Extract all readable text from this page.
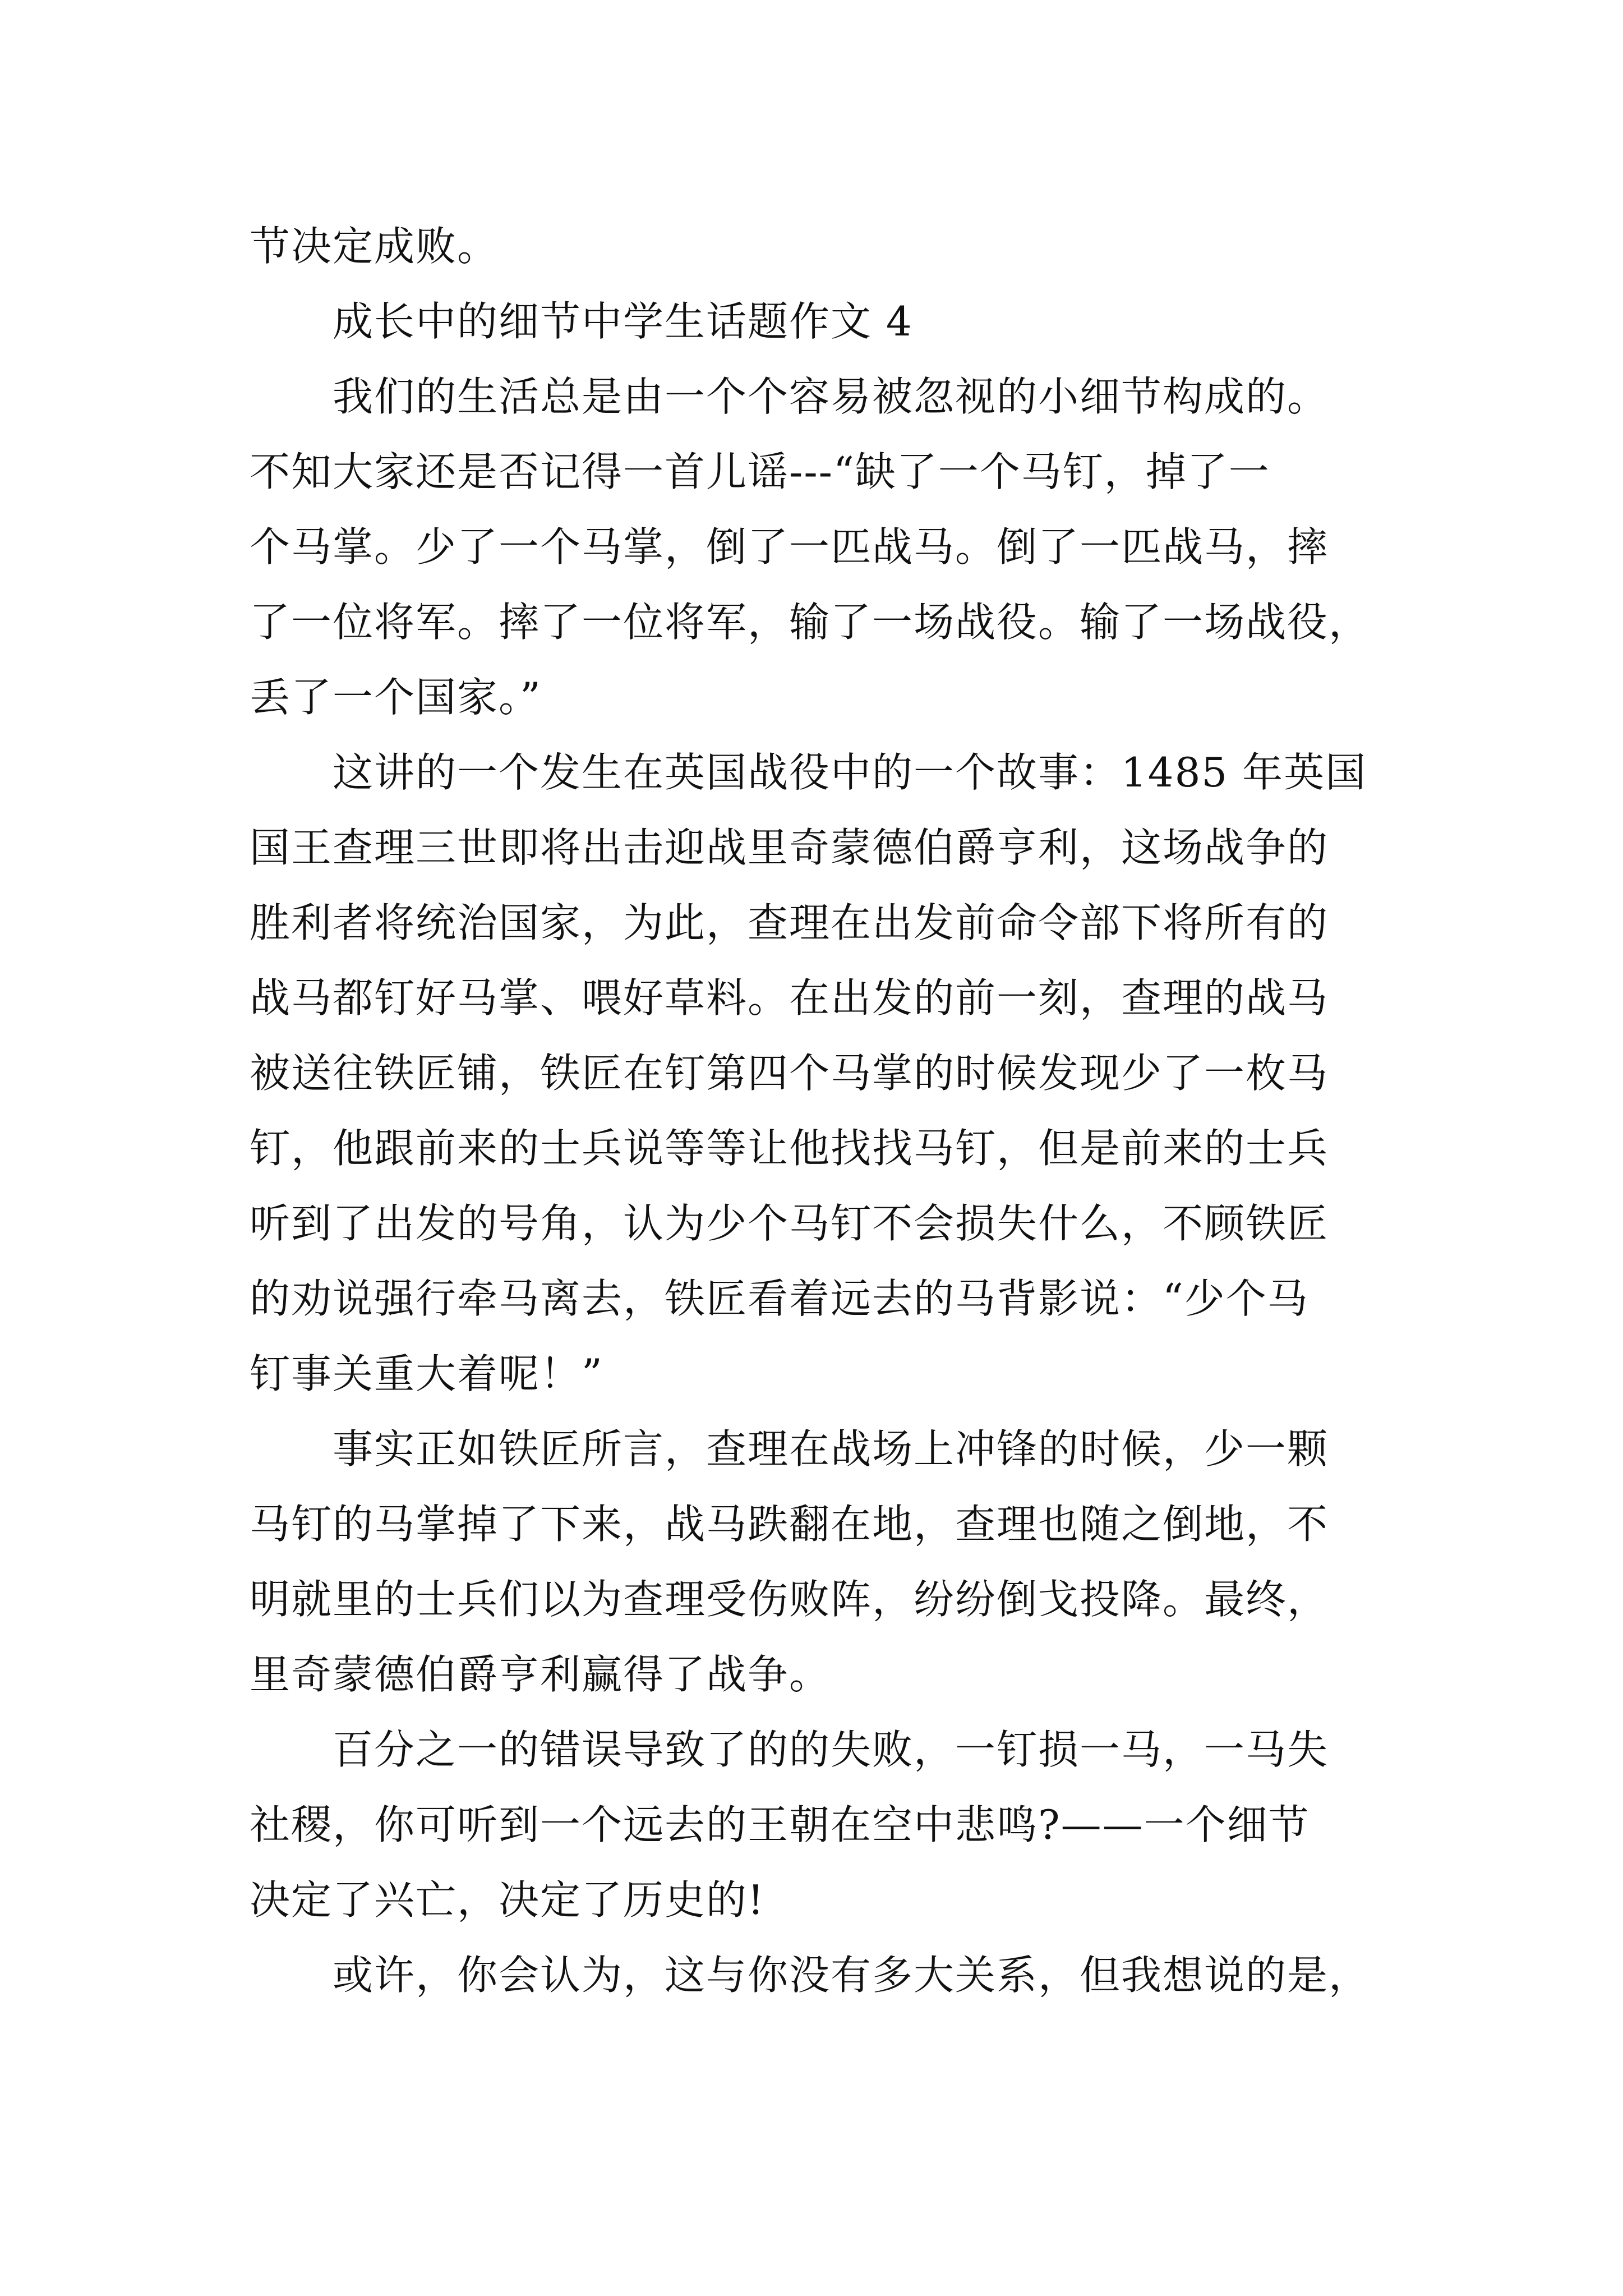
节决定成败。
　　成长中的细节中学生话题作文 4
　　我们的生活总是由一个个容易被忽视的小细节构成的。
不知大家还是否记得一首儿谣---“缺了一个马钉，掉了一
个马掌。少了一个马掌，倒了一匹战马。倒了一匹战马，摔
了一位将军。摔了一位将军，输了一场战役。输了一场战役，
丢了一个国家。”
　　这讲的一个发生在英国战役中的一个故事：1485 年英国
国王查理三世即将出击迎战里奇蒙德伯爵亨利，这场战争的
胜利者将统治国家，为此，查理在出发前命令部下将所有的
战马都钉好马掌、喂好草料。在出发的前一刻，查理的战马
被送往铁匠铺，铁匠在钉第四个马掌的时候发现少了一枚马
钉，他跟前来的士兵说等等让他找找马钉，但是前来的士兵
听到了出发的号角，认为少个马钉不会损失什么，不顾铁匠
的劝说强行牵马离去，铁匠看着远去的马背影说：“少个马
钉事关重大着呢！”
　　事实正如铁匠所言，查理在战场上冲锋的时候，少一颗
马钉的马掌掉了下来，战马跌翻在地，查理也随之倒地，不
明就里的士兵们以为查理受伤败阵，纷纷倒戈投降。最终，
里奇蒙德伯爵亨利赢得了战争。
　　百分之一的错误导致了的的失败，一钉损一马，一马失
社稷，你可听到一个远去的王朝在空中悲鸣?——一个细节
决定了兴亡，决定了历史的!
　　或许，你会认为，这与你没有多大关系，但我想说的是，
